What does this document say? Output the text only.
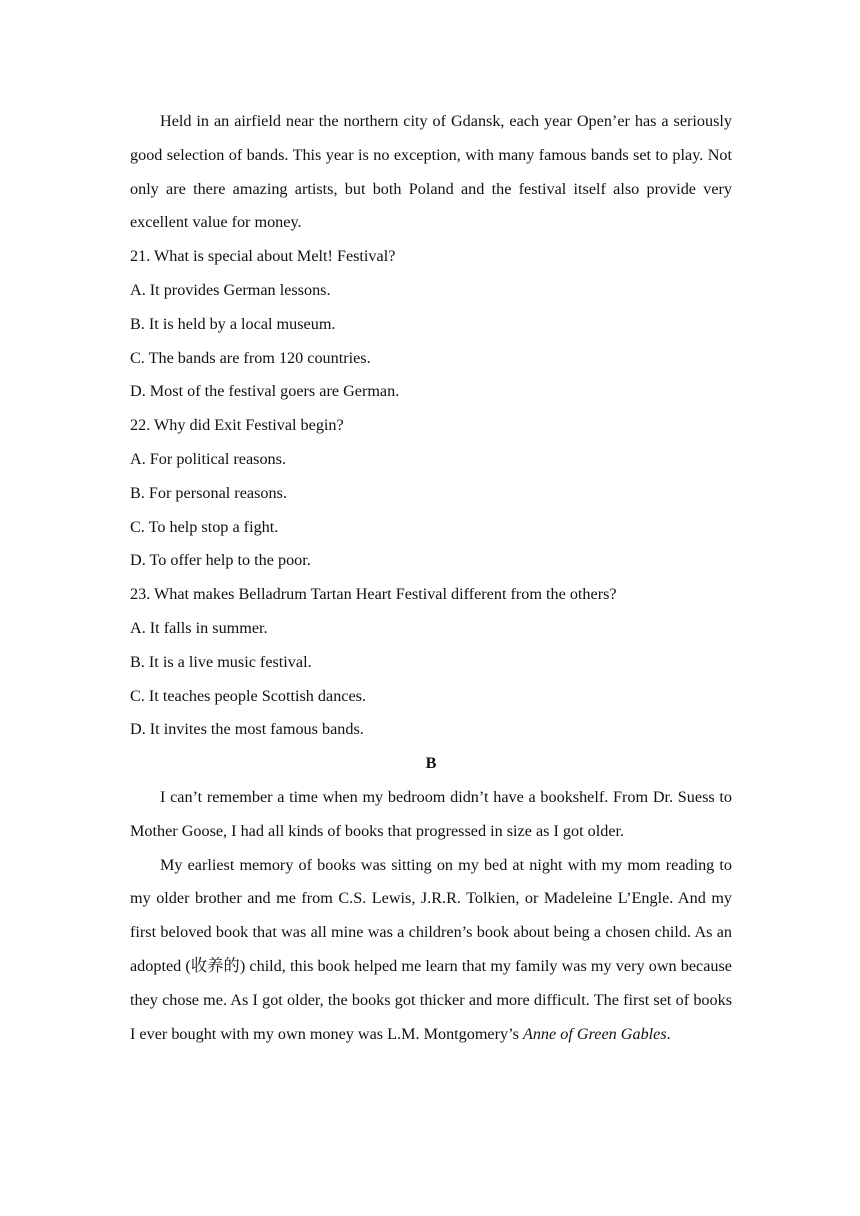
Held in an airfield near the northern city of Gdansk, each year Open’er has a seriously good selection of bands. This year is no exception, with many famous bands set to play. Not only are there amazing artists, but both Poland and the festival itself also provide very excellent value for money.

21. What is special about Melt! Festival?

A. It provides German lessons.

B. It is held by a local museum.

C. The bands are from 120 countries.

D. Most of the festival goers are German.

22. Why did Exit Festival begin?

A. For political reasons.

B. For personal reasons.

C. To help stop a fight.

D. To offer help to the poor.

23. What makes Belladrum Tartan Heart Festival different from the others?

A. It falls in summer.

B. It is a live music festival.

C. It teaches people Scottish dances.

D. It invites the most famous bands.

B

I can’t remember a time when my bedroom didn’t have a bookshelf. From Dr. Suess to Mother Goose, I had all kinds of books that progressed in size as I got older.

My earliest memory of books was sitting on my bed at night with my mom reading to my older brother and me from C.S. Lewis, J.R.R. Tolkien, or Madeleine L’Engle. And my first beloved book that was all mine was a children’s book about being a chosen child. As an adopted (收养的) child, this book helped me learn that my family was my very own because they chose me. As I got older, the books got thicker and more difficult. The first set of books I ever bought with my own money was L.M. Montgomery’s Anne of Green Gables.
